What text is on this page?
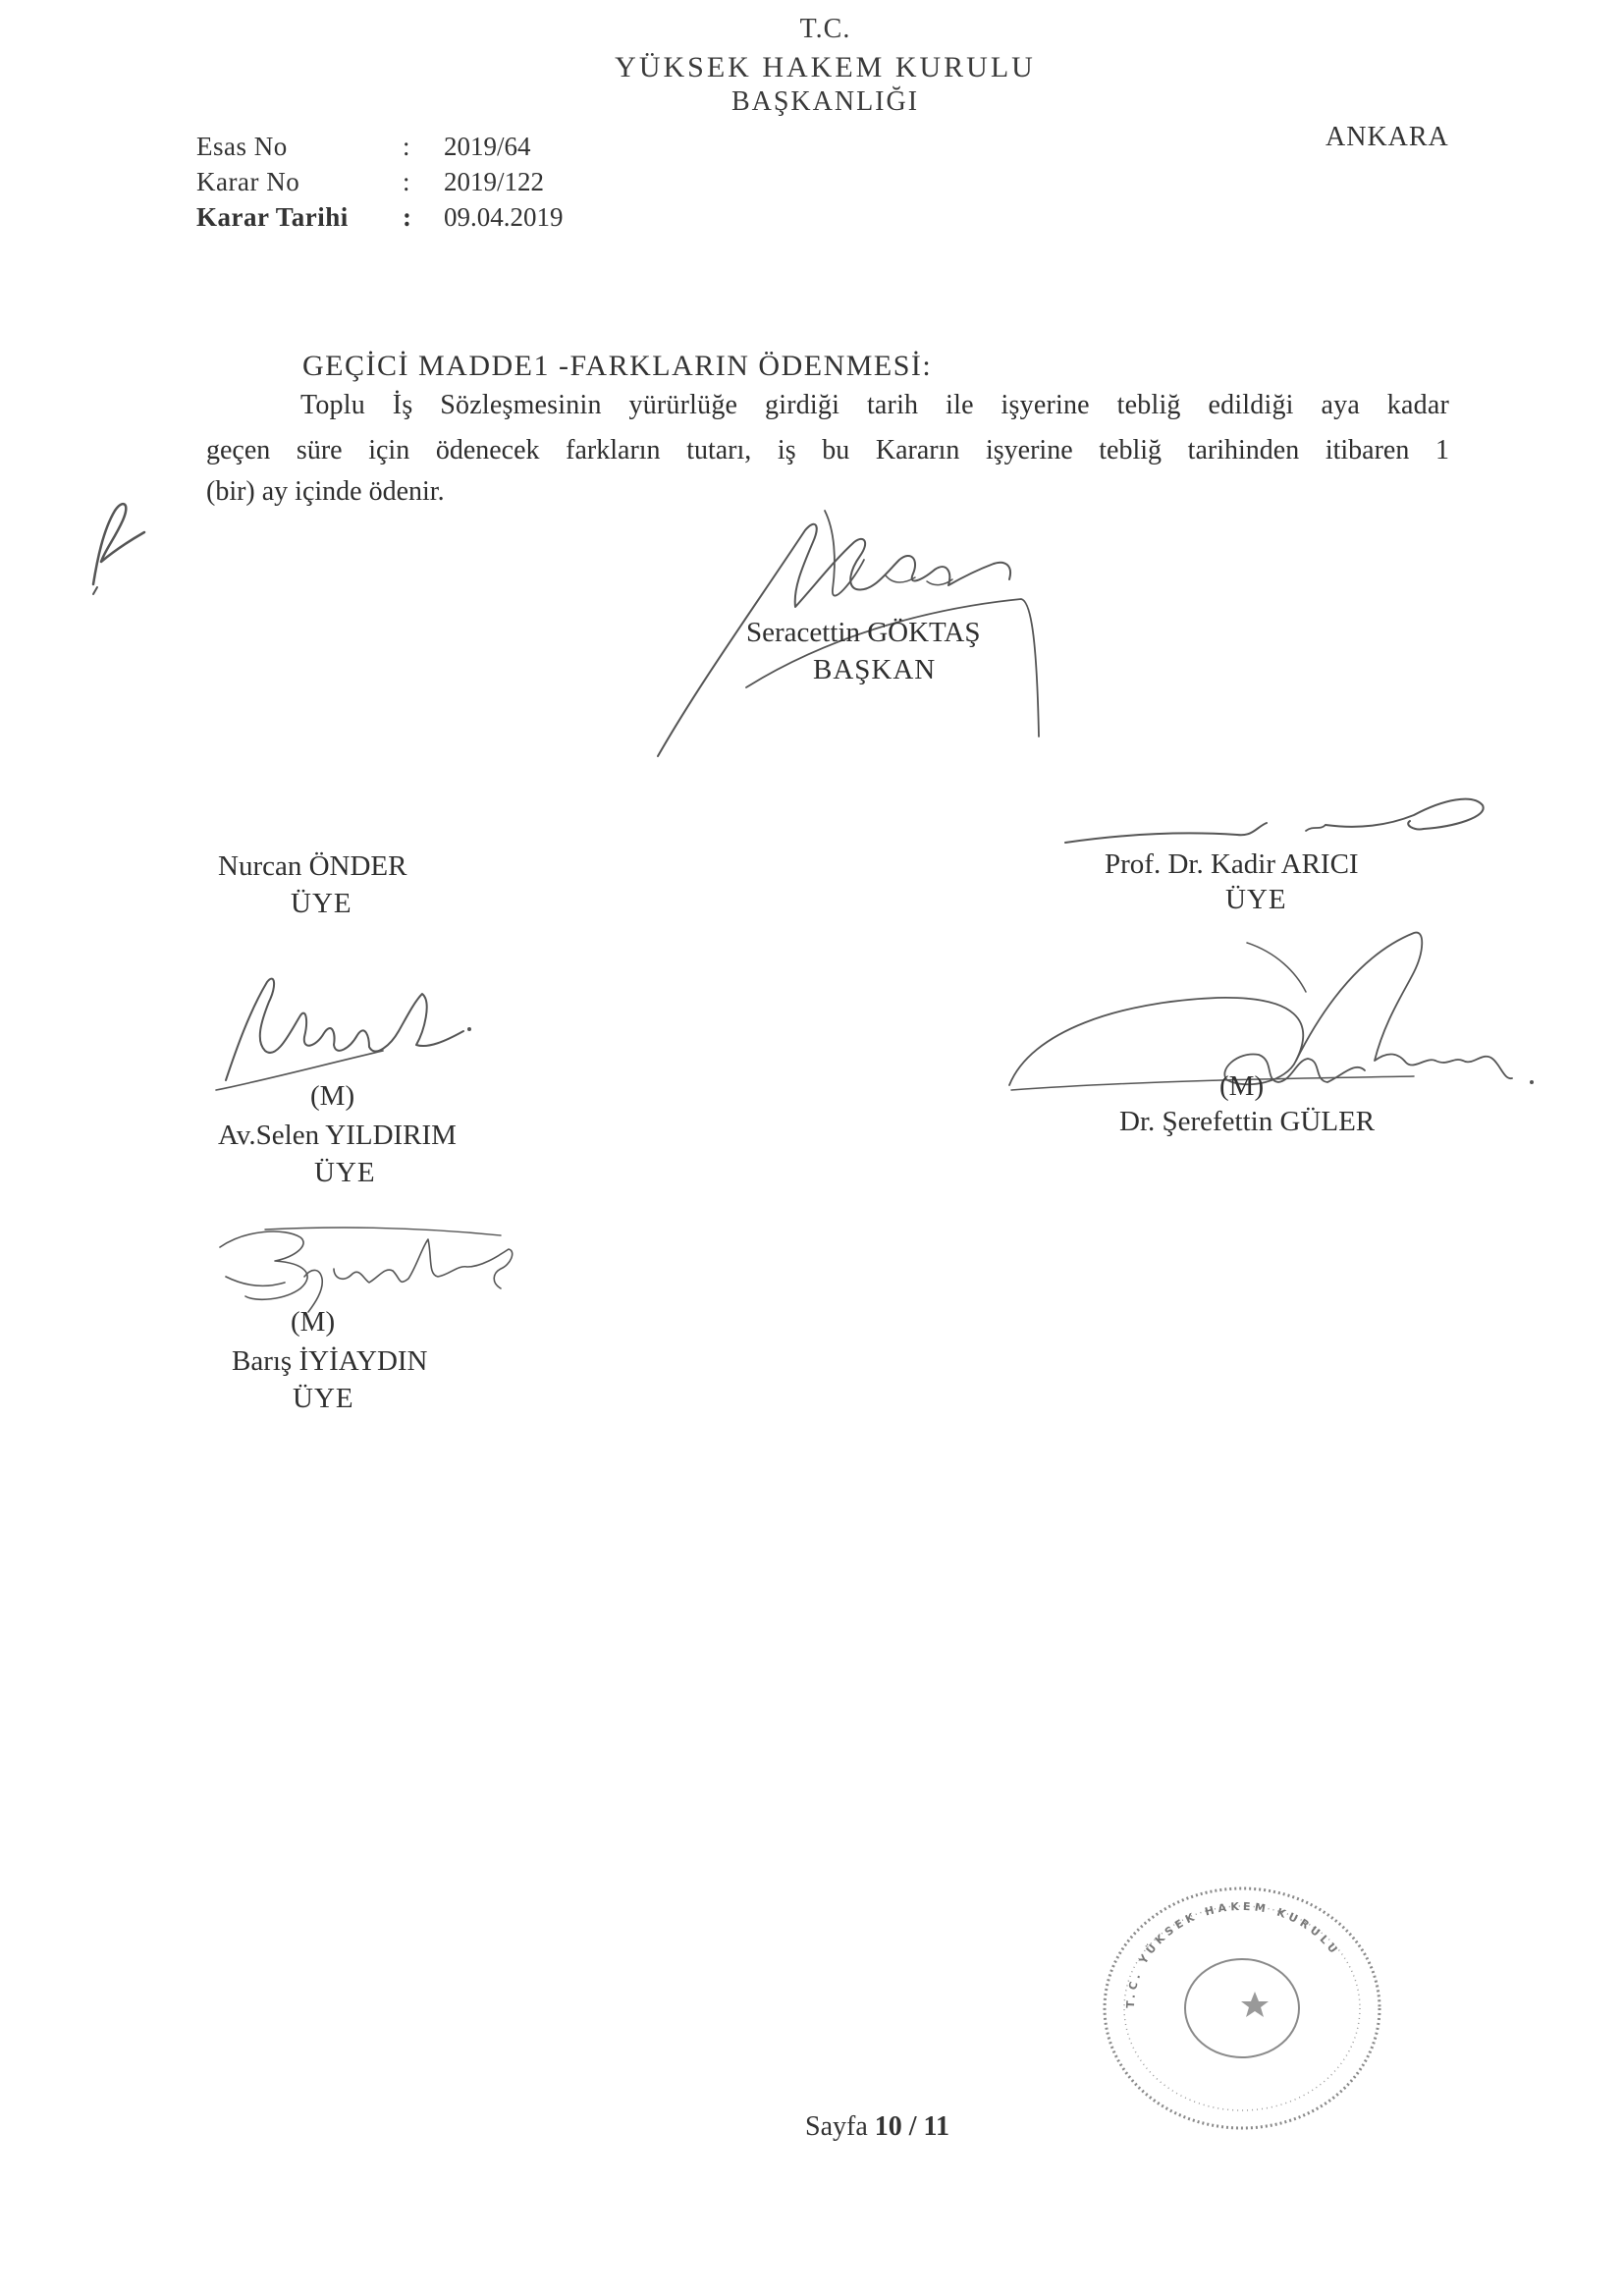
T.C.
YÜKSEK HAKEM KURULU
BAŞKANLIĞI
ANKARA
Esas No	: 2019/64
Karar No	: 2019/122
Karar Tarihi : 09.04.2019
GEÇİCİ MADDE1 -FARKLARIN ÖDENMESİ:
Toplu İş Sözleşmesinin yürürlüğe girdiği tarih ile işyerine tebliğ edildiği aya kadar
geçen süre için ödenecek farkların tutarı, iş bu Kararın işyerine tebliğ tarihinden itibaren 1
(bir) ay içinde ödenir.
Seracettin GÖKTAŞ
BAŞKAN
Nurcan ÖNDER
ÜYE
Prof. Dr. Kadir ARICI
ÜYE
(M)
Av.Selen YILDIRIM
ÜYE
(M)
Dr. Şerefettin GÜLER
(M)
Barış İYİAYDIN
ÜYE
T.C. YÜKSEK HAKEM KURULU
Sayfa 10 / 11
